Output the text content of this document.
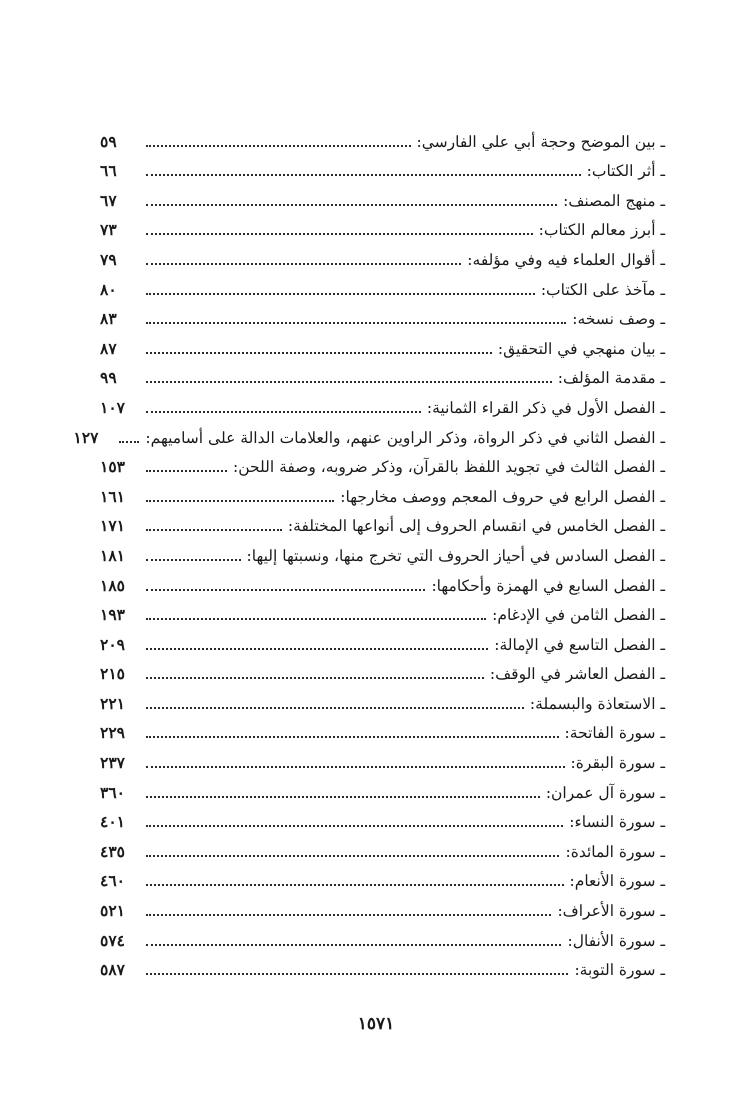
ـ بين الموضح وحجة أبي علي الفارسي:
٥٩
ـ أثر الكتاب:
٦٦
ـ منهج المصنف:
٦٧
ـ أبرز معالم الكتاب:
٧٣
ـ أقوال العلماء فيه وفي مؤلفه:
٧٩
ـ مآخذ على الكتاب:
٨٠
ـ وصف نسخه:
٨٣
ـ بيان منهجي في التحقيق:
٨٧
ـ مقدمة المؤلف:
٩٩
ـ الفصل الأول في ذكر القراء الثمانية:
١٠٧
ـ الفصل الثاني في ذكر الرواة، وذكر الراوين عنهم، والعلامات الدالة على أساميهم:
١٢٧
ـ الفصل الثالث في تجويد اللفظ بالقرآن، وذكر ضروبه، وصفة اللحن:
١٥٣
ـ الفصل الرابع في حروف المعجم ووصف مخارجها:
١٦١
ـ الفصل الخامس في انقسام الحروف إلى أنواعها المختلفة:
١٧١
ـ الفصل السادس في أحياز الحروف التي تخرج منها، ونسبتها إليها:
١٨١
ـ الفصل السابع في الهمزة وأحكامها:
١٨٥
ـ الفصل الثامن في الإدغام:
١٩٣
ـ الفصل التاسع في الإمالة:
٢٠٩
ـ الفصل العاشر في الوقف:
٢١٥
ـ الاستعاذة والبسملة:
٢٢١
ـ سورة الفاتحة:
٢٢٩
ـ سورة البقرة:
٢٣٧
ـ سورة آل عمران:
٣٦٠
ـ سورة النساء:
٤٠١
ـ سورة المائدة:
٤٣٥
ـ سورة الأنعام:
٤٦٠
ـ سورة الأعراف:
٥٢١
ـ سورة الأنفال:
٥٧٤
ـ سورة التوبة:
٥٨٧
١٥٧١
